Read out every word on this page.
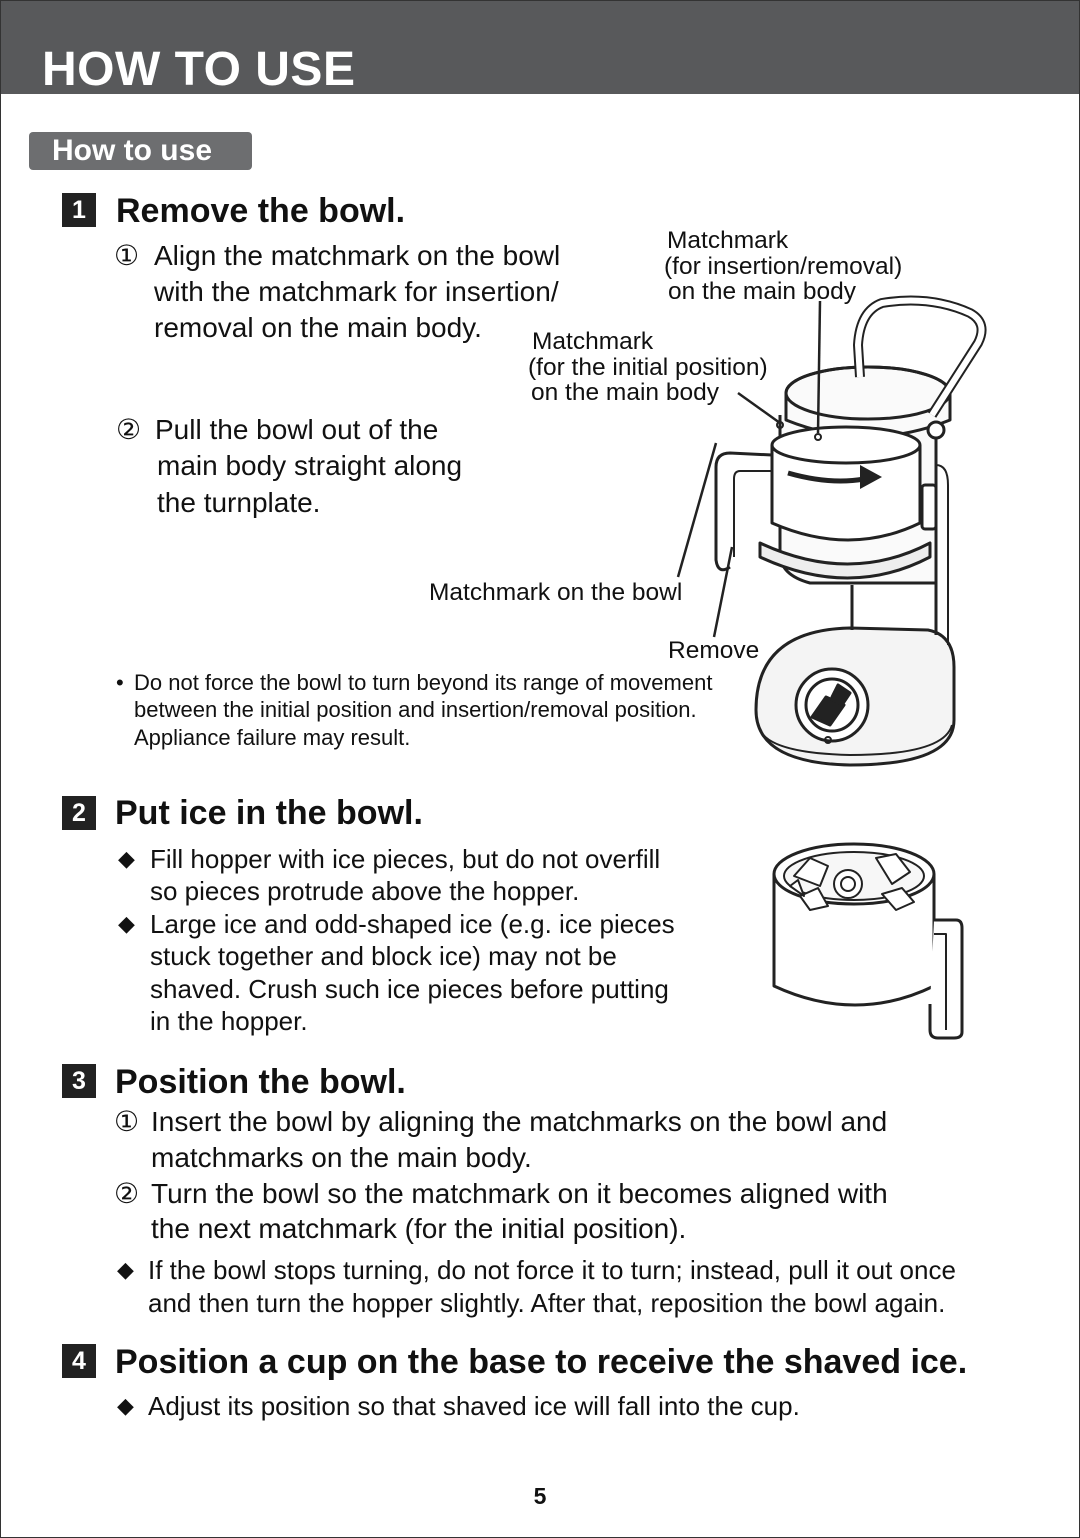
HOW TO USE
How to use
1 Remove the bowl.
① Align the matchmark on the bowl
with the matchmark for insertion/
removal on the main body.
② Pull the bowl out of the
main body straight along
the turnplate.
Matchmark
(for insertion/removal)
on the main body
Matchmark
(for the initial position)
on the main body
Matchmark on the bowl
Remove
• Do not force the bowl to turn beyond its range of movement
between the initial position and insertion/removal position.
Appliance failure may result.
2 Put ice in the bowl.
◆ Fill hopper with ice pieces, but do not overfill
so pieces protrude above the hopper.
◆ Large ice and odd-shaped ice (e.g. ice pieces
stuck together and block ice) may not be
shaved. Crush such ice pieces before putting
in the hopper.
3 Position the bowl.
① Insert the bowl by aligning the matchmarks on the bowl and
matchmarks on the main body.
② Turn the bowl so the matchmark on it becomes aligned with
the next matchmark (for the initial position).
◆ If the bowl stops turning, do not force it to turn; instead, pull it out once
and then turn the hopper slightly. After that, reposition the bowl again.
4 Position a cup on the base to receive the shaved ice.
◆ Adjust its position so that shaved ice will fall into the cup.
5
